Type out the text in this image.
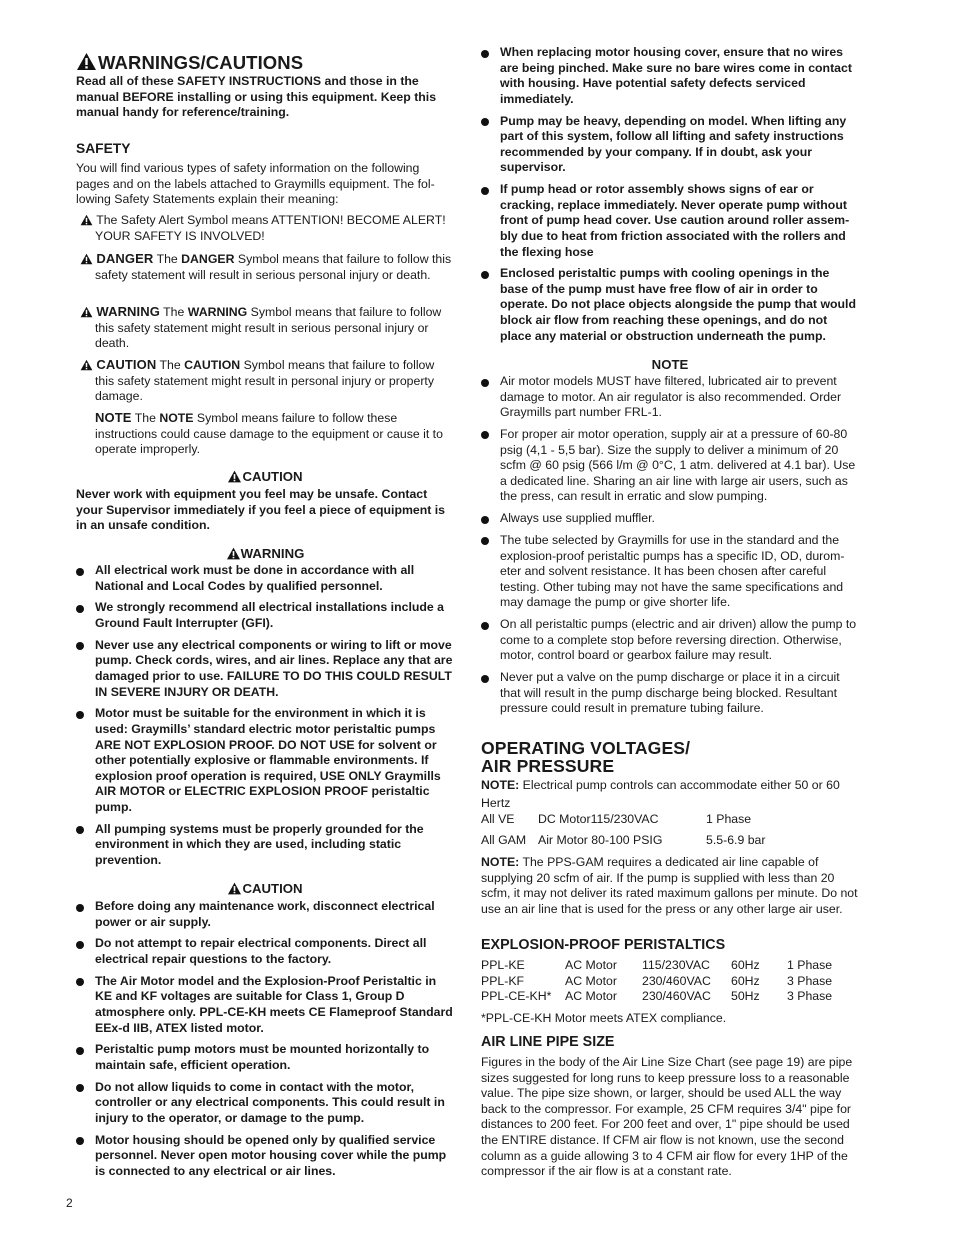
WARNINGS/CAUTIONS

Read all of these SAFETY INSTRUCTIONS and those in the manual BEFORE installing or using this equipment. Keep this manual handy for reference/training.

SAFETY

You will find various types of safety information on the following pages and on the labels attached to Graymills equipment. The following Safety Statements explain their meaning:

The Safety Alert Symbol means ATTENTION! BECOME ALERT! YOUR SAFETY IS INVOLVED!
DANGER The DANGER Symbol means that failure to follow this safety statement will result in serious personal injury or death.
WARNING The WARNING Symbol means that failure to follow this safety statement might result in serious personal injury or death.
CAUTION The CAUTION Symbol means that failure to follow this safety statement might result in personal injury or property damage.
NOTE The NOTE Symbol means failure to follow these instructions could cause damage to the equipment or cause it to operate improperly.
CAUTION

Never work with equipment you feel may be unsafe. Contact your Supervisor immediately if you feel a piece of equipment is in an unsafe condition.

WARNING
All electrical work must be done in accordance with all National and Local Codes by qualified personnel.
We strongly recommend all electrical installations include a Ground Fault Interrupter (GFI).
Never use any electrical components or wiring to lift or move pump. Check cords, wires, and air lines. Replace any that are damaged prior to use. FAILURE TO DO THIS COULD RESULT IN SEVERE INJURY OR DEATH.
Motor must be suitable for the environment in which it is used: Graymills’ standard electric motor peristaltic pumps ARE NOT EXPLOSION PROOF. DO NOT USE for solvent or other potentially explosive or flammable environments. If explosion proof operation is required, USE ONLY Graymills AIR MOTOR or ELECTRIC EXPLOSION PROOF peristaltic pump.
All pumping systems must be properly grounded for the environment in which they are used, including static prevention.
CAUTION
Before doing any maintenance work, disconnect electrical power or air supply.
Do not attempt to repair electrical components. Direct all electrical repair questions to the factory.
The Air Motor model and the Explosion-Proof Peristaltic in KE and KF voltages are suitable for Class 1, Group D atmosphere only. PPL-CE-KH meets CE Flameproof Standard EEx-d IIB, ATEX listed motor.
Peristaltic pump motors must be mounted horizontally to maintain safe, efficient operation.
Do not allow liquids to come in contact with the motor, controller or any electrical components. This could result in injury to the operator, or damage to the pump.
Motor housing should be opened only by qualified service personnel. Never open motor housing cover while the pump is connected to any electrical or air lines.
When replacing motor housing cover, ensure that no wires are being pinched. Make sure no bare wires come in contact with housing. Have potential safety defects serviced immediately.
Pump may be heavy, depending on model. When lifting any part of this system, follow all lifting and safety instructions recommended by your company. If in doubt, ask your supervisor.
If pump head or rotor assembly shows signs of ear or cracking, replace immediately. Never operate pump without front of pump head cover. Use caution around roller assembly due to heat from friction associated with the rollers and the flexing hose
Enclosed peristaltic pumps with cooling openings in the base of the pump must have free flow of air in order to operate. Do not place objects alongside the pump that would block air flow from reaching these openings, and do not place any material or obstruction underneath the pump.
NOTE
Air motor models MUST have filtered, lubricated air to prevent damage to motor. An air regulator is also recommended. Order Graymills part number FRL-1.
For proper air motor operation, supply air at a pressure of 60-80 psig (4,1 - 5,5 bar). Size the supply to deliver a minimum of 20 scfm @ 60 psig (566 l/m @ 0°C, 1 atm. delivered at 4.1 bar). Use a dedicated line. Sharing an air line with large air users, such as the press, can result in erratic and slow pumping.
Always use supplied muffler.
The tube selected by Graymills for use in the standard and the explosion-proof peristaltic pumps has a specific ID, OD, durometer and solvent resistance. It has been chosen after careful testing. Other tubing may not have the same specifications and may damage the pump or give shorter life.
On all peristaltic pumps (electric and air driven) allow the pump to come to a complete stop before reversing direction. Otherwise, motor, control board or gearbox failure may result.
Never put a valve on the pump discharge or place it in a circuit that will result in the pump discharge being blocked. Resultant pressure could result in premature tubing failure.
OPERATING VOLTAGES/
AIR PRESSURE

NOTE: Electrical pump controls can accommodate either 50 or 60 Hertz

All VE	DC Motor115/230VAC	1 Phase
All GAM	Air Motor 80-100 PSIG	5.5-6.9 bar

NOTE: The PPS-GAM requires a dedicated air line capable of supplying 20 scfm of air. If the pump is supplied with less than 20 scfm, it may not deliver its rated maximum gallons per minute. Do not use an air line that is used for the press or any other large air user.

EXPLOSION-PROOF PERISTALTICS
PPL-KE	AC Motor	115/230VAC	60Hz	1 Phase
PPL-KF	AC Motor	230/460VAC	60Hz	3 Phase
PPL-CE-KH*	AC Motor	230/460VAC	50Hz	3 Phase

*PPL-CE-KH Motor meets ATEX compliance.

AIR LINE PIPE SIZE

Figures in the body of the Air Line Size Chart (see page 19) are pipe sizes suggested for long runs to keep pressure loss to a reasonable value. The pipe size shown, or larger, should be used ALL the way back to the compressor. For example, 25 CFM requires 3/4" pipe for distances to 200 feet. For 200 feet and over, 1" pipe should be used the ENTIRE distance. If CFM air flow is not known, use the second column as a guide allowing 3 to 4 CFM air flow for every 1HP of the compressor if the air flow is at a constant rate.

2
